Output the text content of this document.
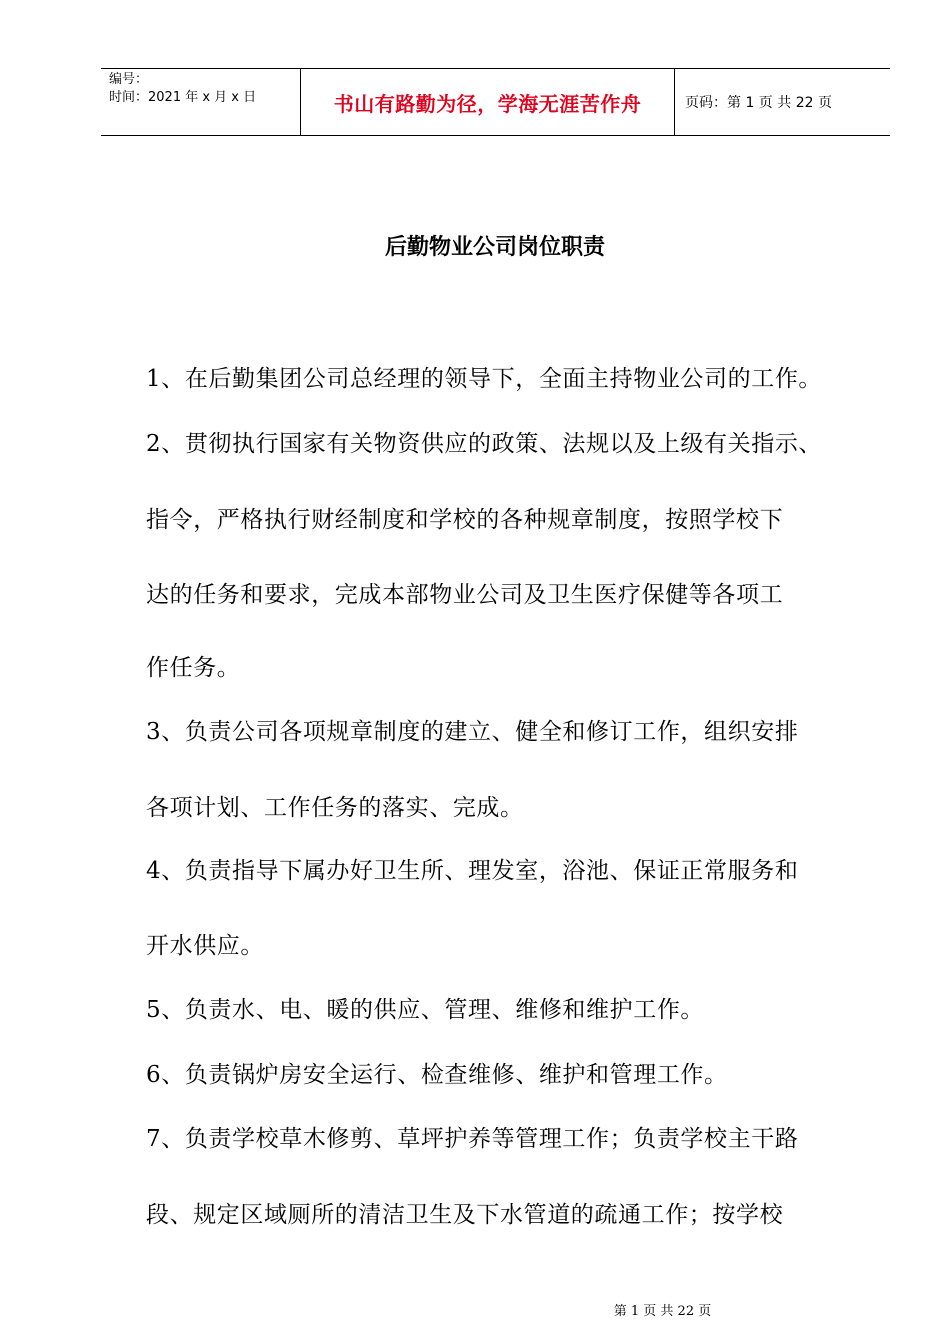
编号：
时间：2021 年 x 月 x 日	书山有路勤为径，学海无涯苦作舟	页码：第 1 页 共 22 页
后勤物业公司岗位职责
1、在后勤集团公司总经理的领导下，全面主持物业公司的工作。
2、贯彻执行国家有关物资供应的政策、法规以及上级有关指示、
指令，严格执行财经制度和学校的各种规章制度，按照学校下
达的任务和要求，完成本部物业公司及卫生医疗保健等各项工
作任务。
3、负责公司各项规章制度的建立、健全和修订工作，组织安排
各项计划、工作任务的落实、完成。
4、负责指导下属办好卫生所、理发室，浴池、保证正常服务和
开水供应。
5、负责水、电、暖的供应、管理、维修和维护工作。
6、负责锅炉房安全运行、检查维修、维护和管理工作。
7、负责学校草木修剪、草坪护养等管理工作；负责学校主干路
段、规定区域厕所的清洁卫生及下水管道的疏通工作；按学校
第 1 页 共 22 页
